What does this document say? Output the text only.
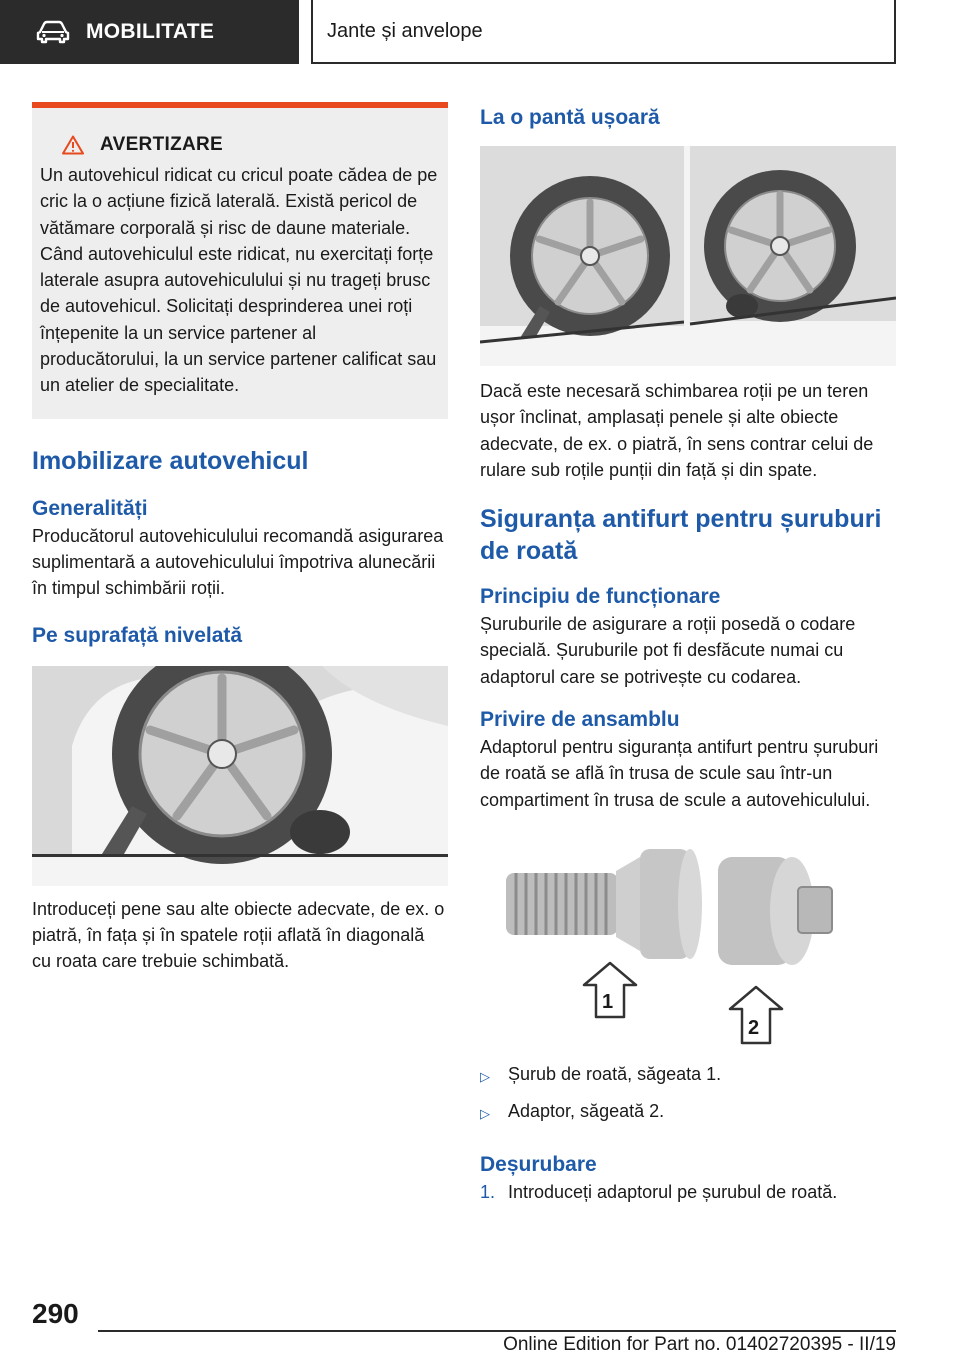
MOBILITATE	Jante și anvelope
AVERTIZARE

Un autovehicul ridicat cu cricul poate cădea de pe cric la o acțiune fizică laterală. Există pericol de vătămare corporală și risc de daune materiale. Când autovehiculul este ridicat, nu exercitați forțe laterale asupra autovehiculului și nu trageți brusc de autovehicul. Solicitați desprinderea unei roți înțepenite la un service partener al producătorului, la un service partener calificat sau un atelier de specialitate.

Imobilizare autovehicul
Generalități

Producătorul autovehiculului recomandă asigurarea suplimentară a autovehiculului împotriva alunecării în timpul schimbării roții.

Pe suprafață nivelată

Introduceți pene sau alte obiecte adecvate, de ex. o piatră, în fața și în spatele roții aflată în diagonală cu roata care trebuie schimbată.

La o pantă ușoară

Dacă este necesară schimbarea roții pe un teren ușor înclinat, amplasați penele și alte obiecte adecvate, de ex. o piatră, în sens contrar celui de rulare sub roțile punții din față și din spate.

Siguranța antifurt pentru șuruburi de roată
Principiu de funcționare

Șuruburile de asigurare a roții posedă o codare specială. Șuruburile pot fi desfăcute numai cu adaptorul care se potrivește cu codarea.

Privire de ansamblu

Adaptorul pentru siguranța antifurt pentru șuruburi de roată se află în trusa de scule sau într-un compartiment în trusa de scule a autovehiculului.

1
2
▷	Șurub de roată, săgeata 1.
▷	Adaptor, săgeată 2.
Deșurubare
1. Introduceți adaptorul pe șurubul de roată.
290
Online Edition for Part no. 01402720395 - II/19
